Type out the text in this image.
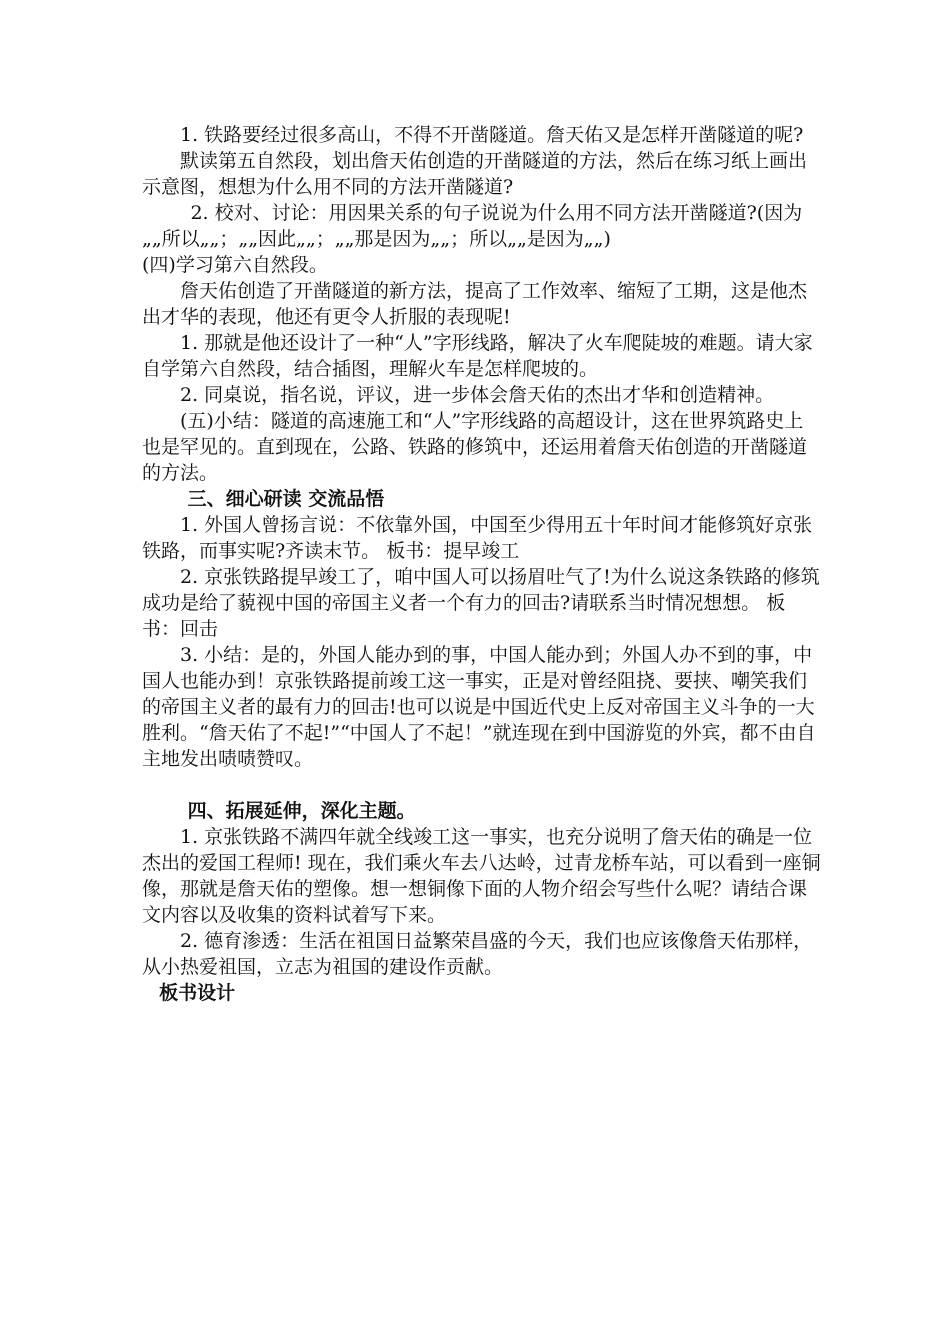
1. 铁路要经过很多高山，不得不开凿隧道。詹天佑又是怎样开凿隧道的呢?

默读第五自然段，划出詹天佑创造的开凿隧道的方法，然后在练习纸上画出示意图，想想为什么用不同的方法开凿隧道?

2. 校对、讨论：用因果关系的句子说说为什么用不同方法开凿隧道?(因为„„所以„„；„„因此„„；„„那是因为„„；所以„„是因为„„)

(四)学习第六自然段。

詹天佑创造了开凿隧道的新方法，提高了工作效率、缩短了工期，这是他杰出才华的表现，他还有更令人折服的表现呢!

1. 那就是他还设计了一种“人”字形线路，解决了火车爬陡坡的难题。请大家自学第六自然段，结合插图，理解火车是怎样爬坡的。

2. 同桌说，指名说，评议，进一步体会詹天佑的杰出才华和创造精神。

(五)小结：隧道的高速施工和“人”字形线路的高超设计，这在世界筑路史上也是罕见的。直到现在，公路、铁路的修筑中，还运用着詹天佑创造的开凿隧道的方法。

三、细心研读 交流品悟

1. 外国人曾扬言说：不依靠外国，中国至少得用五十年时间才能修筑好京张铁路，而事实呢?齐读末节。 板书：提早竣工

2. 京张铁路提早竣工了，咱中国人可以扬眉吐气了!为什么说这条铁路的修筑成功是给了藐视中国的帝国主义者一个有力的回击?请联系当时情况想想。 板书：回击

3. 小结：是的，外国人能办到的事，中国人能办到；外国人办不到的事，中国人也能办到！京张铁路提前竣工这一事实，正是对曾经阻挠、要挟、嘲笑我们的帝国主义者的最有力的回击!也可以说是中国近代史上反对帝国主义斗争的一大胜利。“詹天佑了不起!”“中国人了不起！”就连现在到中国游览的外宾，都不由自主地发出啧啧赞叹。

四、拓展延伸，深化主题。

1. 京张铁路不满四年就全线竣工这一事实，也充分说明了詹天佑的确是一位杰出的爱国工程师! 现在，我们乘火车去八达岭，过青龙桥车站，可以看到一座铜像，那就是詹天佑的塑像。想一想铜像下面的人物介绍会写些什么呢？请结合课文内容以及收集的资料试着写下来。

2. 德育渗透：生活在祖国日益繁荣昌盛的今天，我们也应该像詹天佑那样，从小热爱祖国，立志为祖国的建设作贡献。

板书设计
